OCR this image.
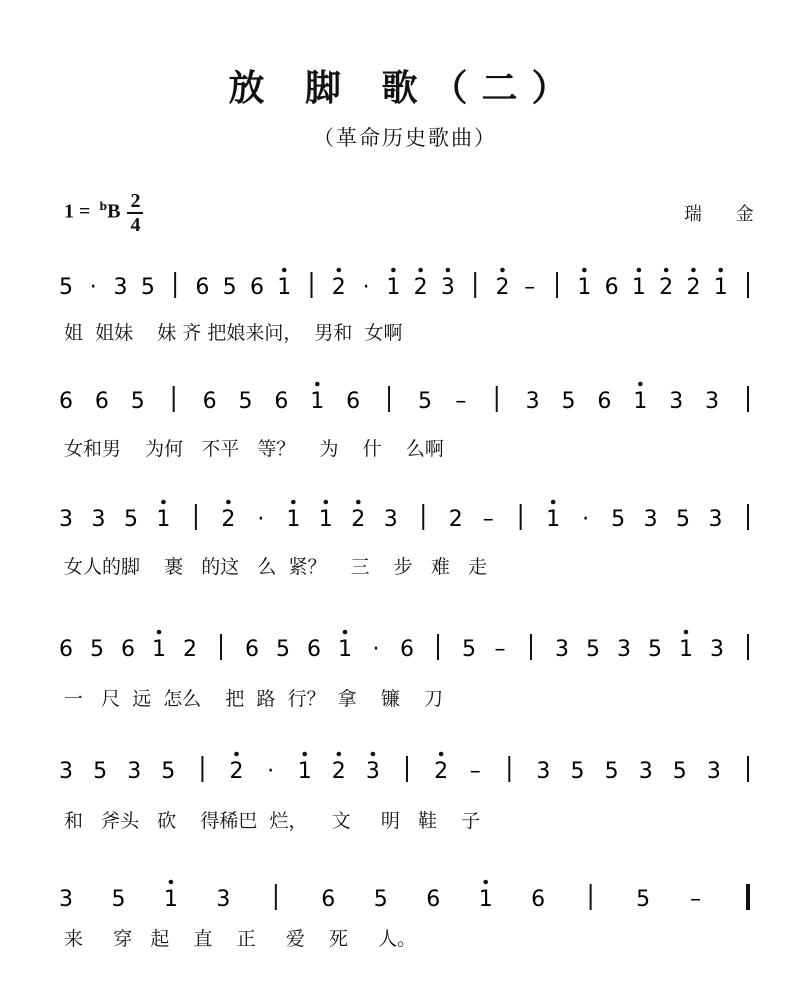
放 脚 歌（二）
（革命历史歌曲）
$1 = ^bB \frac{2}{4}$	瑞 金
5 · 3 5 6 5 6 1 2 · 1 2 3 2 – 1 6 1 2 2 1
6 6 5	6 5 6 1 6	5 –	3 5 6 1 3 3
3 3 5 1 2 · 1 1 2 3 2 – 1 · 5 3 5 3
6 5 6 1 2 6 5 6 1 · 6 5 – 3 5 3 5 1 3
3 5 3 5 2 · 1 2 3 2 –	3 5 5 3 5 3
3 5 1 3	6 5 6 1 6	5 –
姐  姐妹    妹 齐 把娘来问，  男和  女啊
女和男    为何   不平   等？    为    什    么啊
女人的脚    裹   的这   么  紧？    三    步   难   走
一   尺  远  怎么    把  路  行？  拿    镰    刀
和   斧头   砍    得稀巴  烂，    文     明   鞋    子
来     穿   起    直    正     爱    死     人。
